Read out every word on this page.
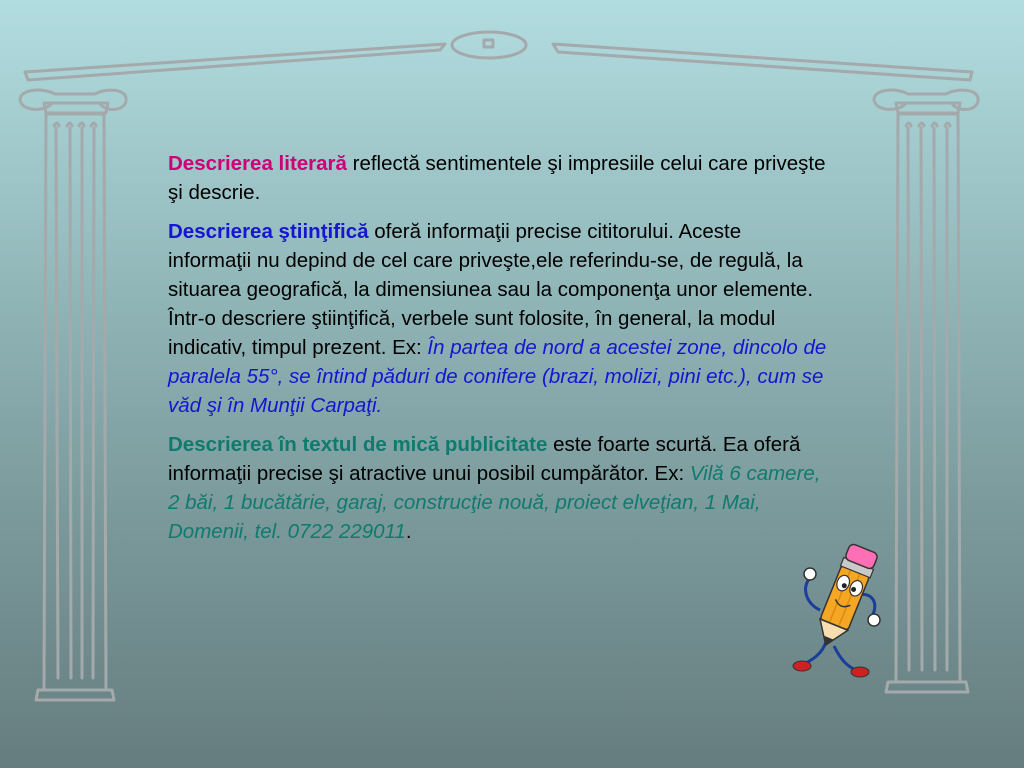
Descrierea literară reflectă sentimentele şi impresiile celui care priveşte şi descrie.

Descrierea ştiinţifică oferă informaţii precise cititorului. Aceste informaţii nu depind de cel care priveşte,ele referindu-se, de regulă, la situarea geografică, la dimensiunea sau la componenţa unor elemente. Într-o descriere ştiinţifică, verbele sunt folosite, în general, la modul indicativ, timpul prezent. Ex: În partea de nord a acestei zone, dincolo de paralela 55°, se întind păduri de conifere (brazi, molizi, pini etc.), cum se văd şi în Munţii Carpaţi.

Descrierea în textul de mică publicitate este foarte scurtă. Ea oferă informaţii precise şi atractive unui posibil cumpărător. Ex: Vilă 6 camere, 2 băi, 1 bucătărie, garaj, construcţie nouă, proiect elveţian, 1 Mai, Domenii, tel. 0722 229011.
